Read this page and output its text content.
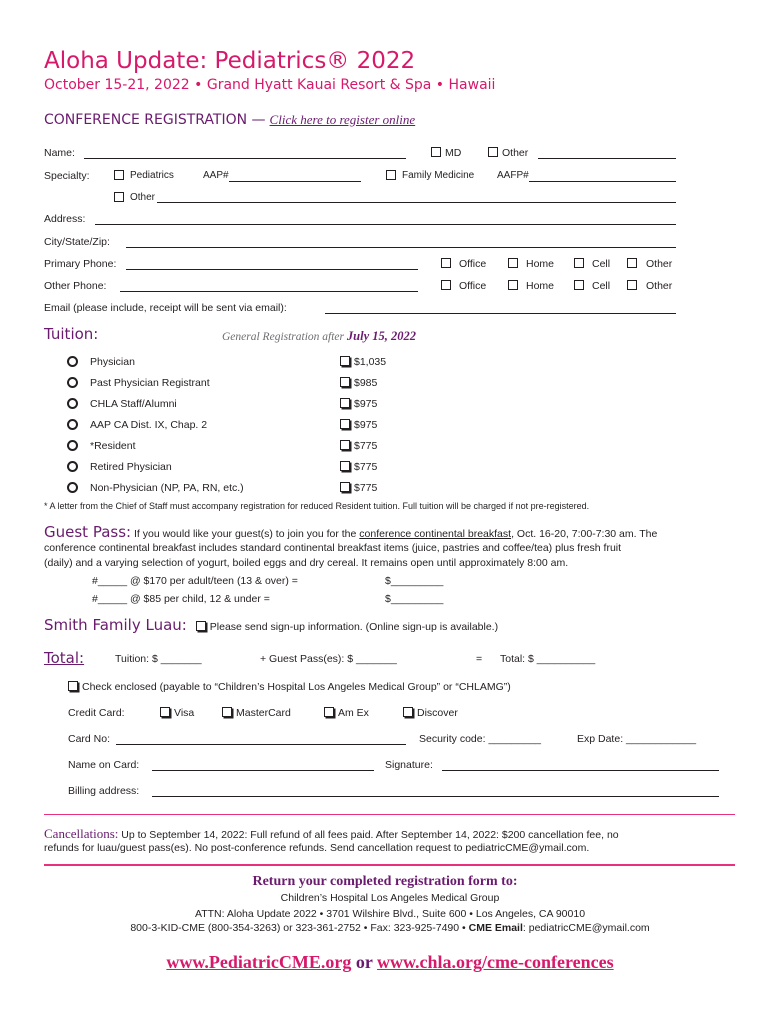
Aloha Update: Pediatrics® 2022
October 15-21, 2022 • Grand Hyatt Kauai Resort & Spa • Hawaii
CONFERENCE REGISTRATION — Click here to register online
Name:	MD	Other
Specialty:	Pediatrics	AAP#	Family Medicine AAFP#
Other
Address:
City/State/Zip:
Primary Phone:	Office	Home	Cell	Other
Other Phone:	Office	Home	Cell	Other
Email (please include, receipt will be sent via email):
Tuition:	General Registration after July 15, 2022
Physician	$1,035
Past Physician Registrant	$985
CHLA Staff/Alumni	$975
AAP CA Dist. IX, Chap. 2	$975
*Resident	$775
Retired Physician	$775
Non-Physician (NP, PA, RN, etc.)	$775
* A letter from the Chief of Staff must accompany registration for reduced Resident tuition. Full tuition will be charged if not pre-registered.
Guest Pass: If you would like your guest(s) to join you for the conference continental breakfast, Oct. 16-20, 7:00-7:30 am. The
conference continental breakfast includes standard continental breakfast items (juice, pastries and coffee/tea) plus fresh fruit
(daily) and a varying selection of yogurt, boiled eggs and dry cereal. It remains open until approximately 8:00 am.
#_____ @ $170 per adult/teen (13 & over) =	$_________
#_____ @ $85 per child, 12 & under =	$_________
Smith Family Luau: Please send sign-up information. (Online sign-up is available.)
Total:	Tuition: $ _______	+ Guest Pass(es): $ _______	= Total: $ __________
Check enclosed (payable to “Children’s Hospital Los Angeles Medical Group” or “CHLAMG”)
Credit Card:	Visa	MasterCard	Am Ex	Discover
Card No:	Security code: _________	Exp Date: ____________
Name on Card:	Signature:
Billing address:
Cancellations: Up to September 14, 2022: Full refund of all fees paid. After September 14, 2022: $200 cancellation fee, no
refunds for luau/guest pass(es). No post-conference refunds. Send cancellation request to pediatricCME@ymail.com.
Return your completed registration form to:
Children’s Hospital Los Angeles Medical Group
ATTN: Aloha Update 2022 • 3701 Wilshire Blvd., Suite 600 • Los Angeles, CA 90010
800-3-KID-CME (800-354-3263) or 323-361-2752 • Fax: 323-925-7490 • CME Email: pediatricCME@ymail.com
www.PediatricCME.org or www.chla.org/cme-conferences
